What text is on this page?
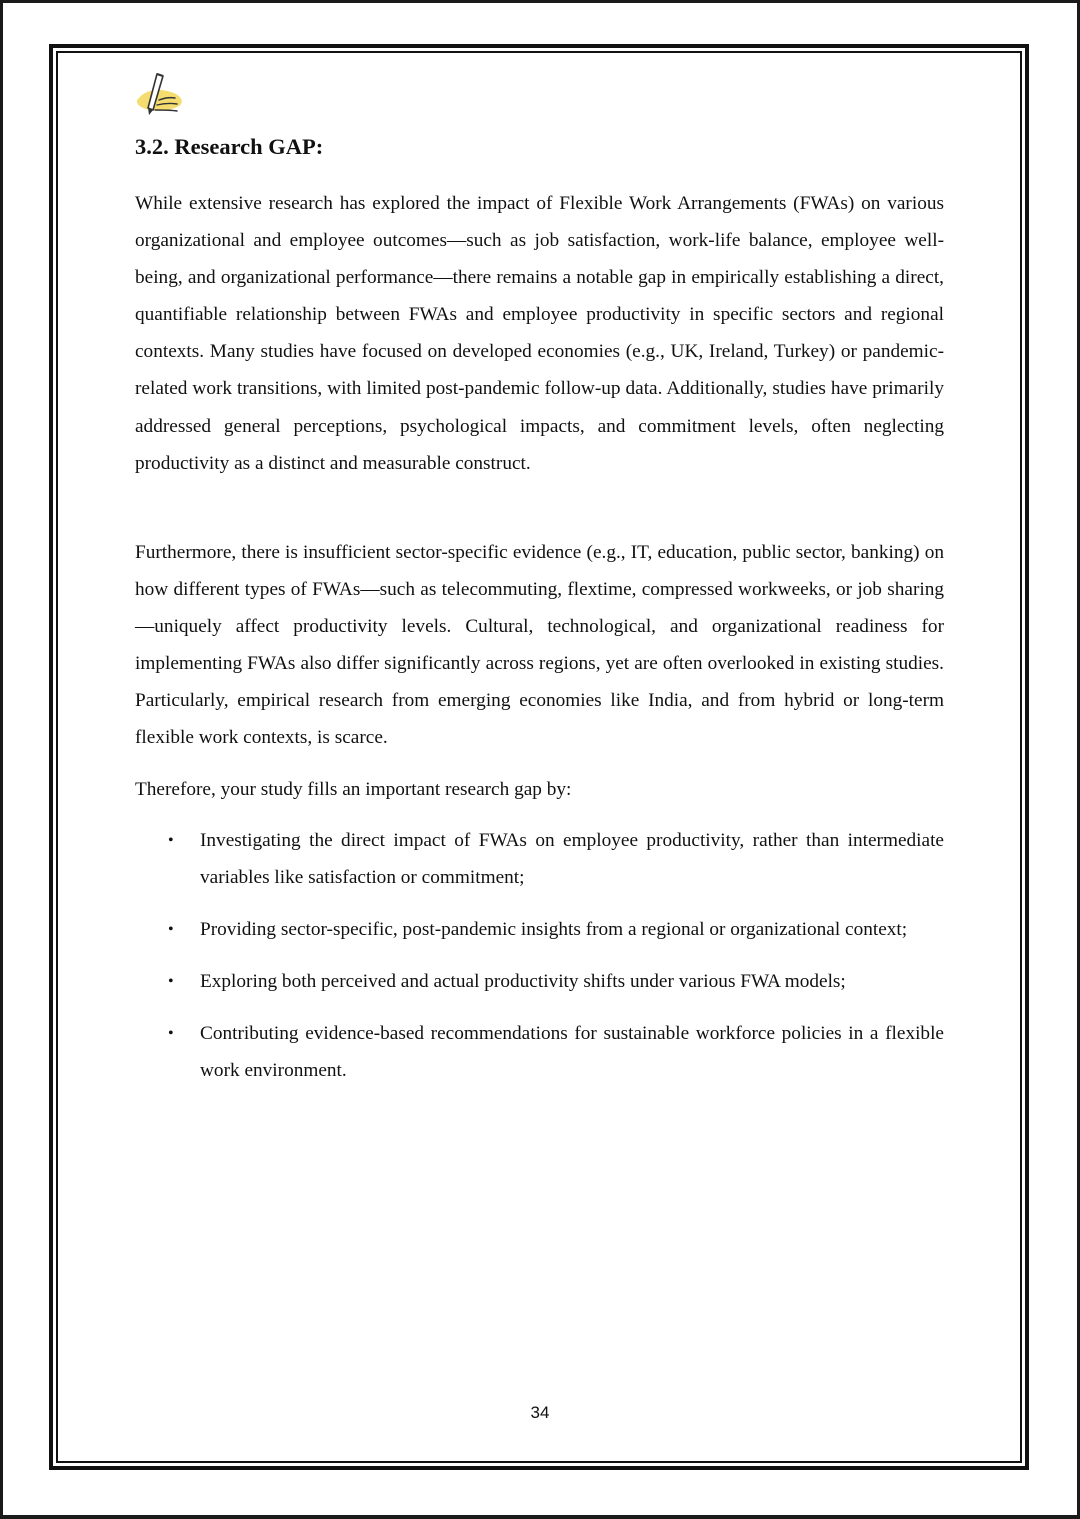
3.2. Research GAP:

While extensive research has explored the impact of Flexible Work Arrangements (FWAs) on various organizational and employee outcomes—such as job satisfaction, work-life balance, employee well-being, and organizational performance—there remains a notable gap in empirically establishing a direct, quantifiable relationship between FWAs and employee productivity in specific sectors and regional contexts. Many studies have focused on developed economies (e.g., UK, Ireland, Turkey) or pandemic-related work transitions, with limited post-pandemic follow-up data. Additionally, studies have primarily addressed general perceptions, psychological impacts, and commitment levels, often neglecting productivity as a distinct and measurable construct.

Furthermore, there is insufficient sector-specific evidence (e.g., IT, education, public sector, banking) on how different types of FWAs—such as telecommuting, flextime, compressed workweeks, or job sharing—uniquely affect productivity levels. Cultural, technological, and organizational readiness for implementing FWAs also differ significantly across regions, yet are often overlooked in existing studies. Particularly, empirical research from emerging economies like India, and from hybrid or long-term flexible work contexts, is scarce.

Therefore, your study fills an important research gap by:

• Investigating the direct impact of FWAs on employee productivity, rather than intermediate variables like satisfaction or commitment;
• Providing sector-specific, post-pandemic insights from a regional or organizational context;
• Exploring both perceived and actual productivity shifts under various FWA models;
• Contributing evidence-based recommendations for sustainable workforce policies in a flexible work environment.
34
